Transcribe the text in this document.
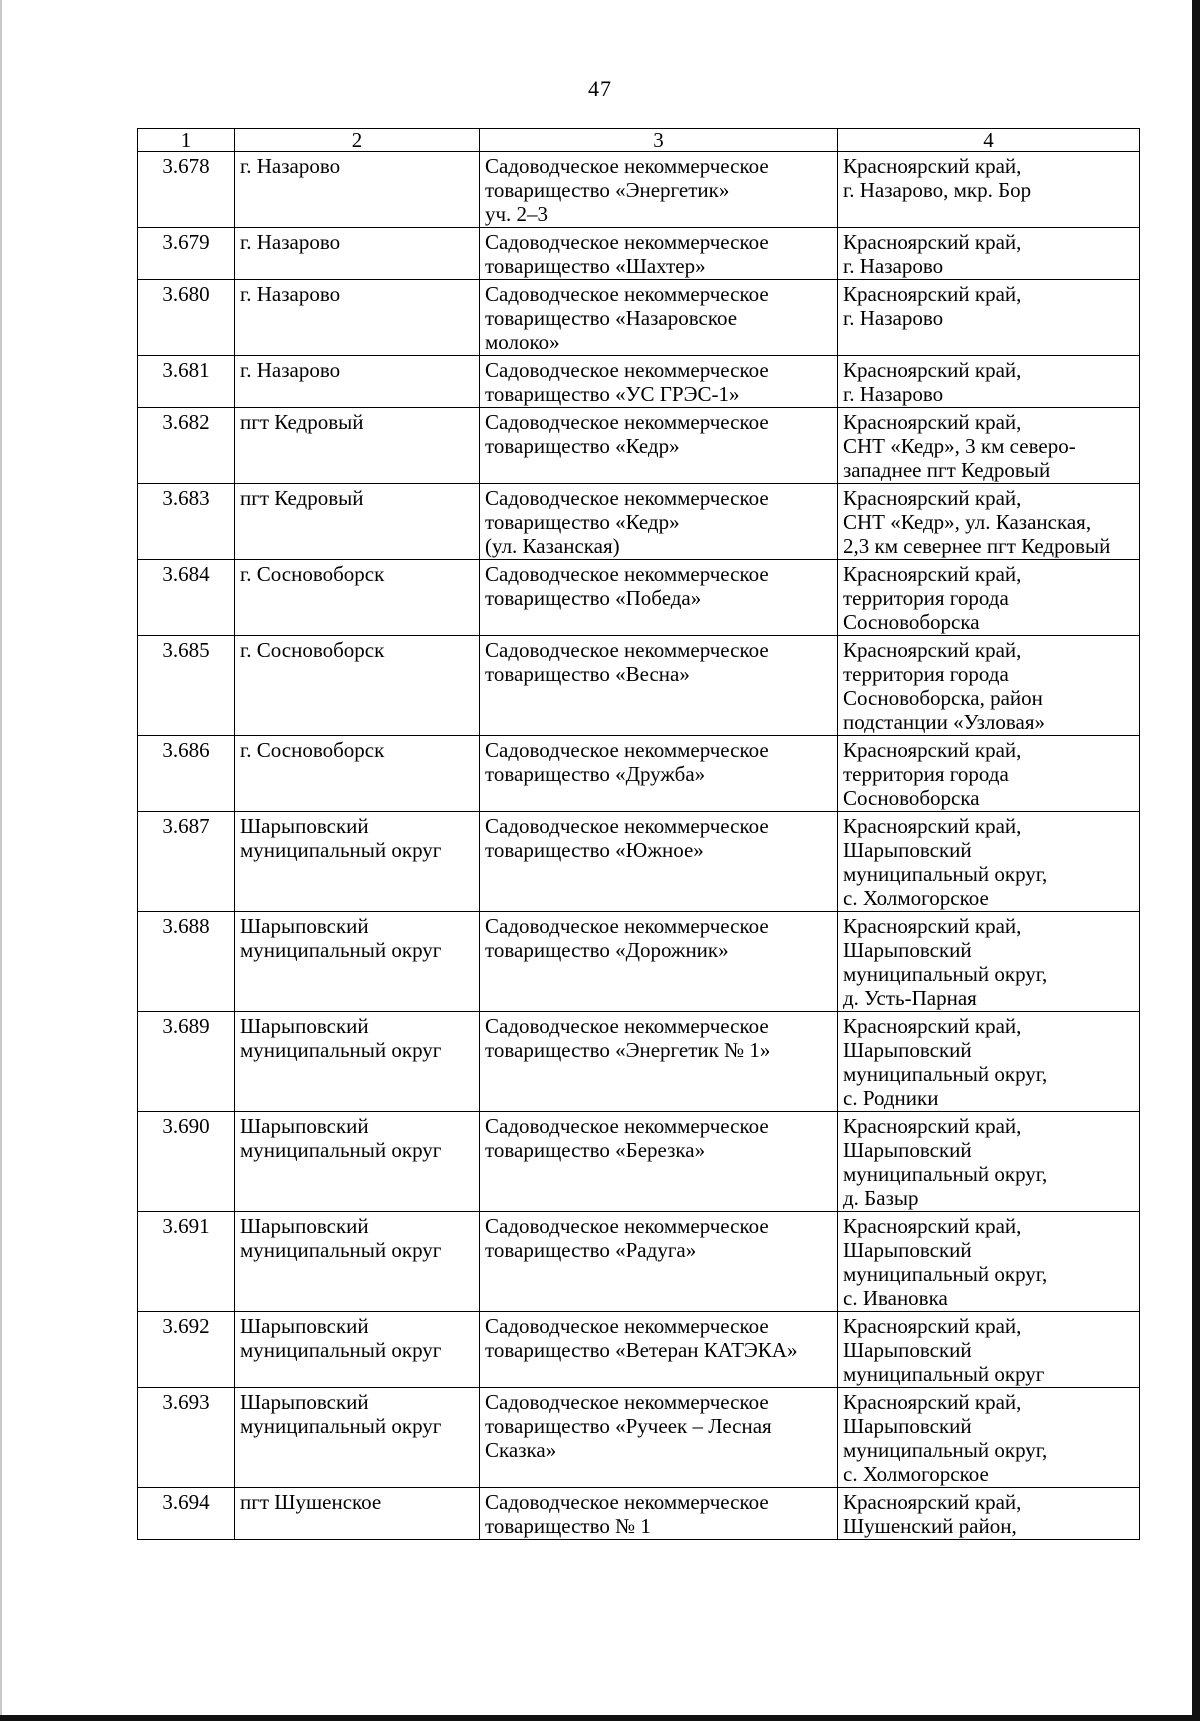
47
1	2	3	4
3.678	г. Назарово	Садоводческое некоммерческое
товарищество «Энергетик»
уч. 2–3	Красноярский край,
г. Назарово, мкр. Бор
3.679	г. Назарово	Садоводческое некоммерческое
товарищество «Шахтер»	Красноярский край,
г. Назарово
3.680	г. Назарово	Садоводческое некоммерческое
товарищество «Назаровское
молоко»	Красноярский край,
г. Назарово
3.681	г. Назарово	Садоводческое некоммерческое
товарищество «УС ГРЭС-1»	Красноярский край,
г. Назарово
3.682	пгт Кедровый	Садоводческое некоммерческое
товарищество «Кедр»	Красноярский край,
СНТ «Кедр», 3 км северо-
западнее пгт Кедровый
3.683	пгт Кедровый	Садоводческое некоммерческое
товарищество «Кедр»
(ул. Казанская)	Красноярский край,
СНТ «Кедр», ул. Казанская,
2,3 км севернее пгт Кедровый
3.684	г. Сосновоборск	Садоводческое некоммерческое
товарищество «Победа»	Красноярский край,
территория города
Сосновоборска
3.685	г. Сосновоборск	Садоводческое некоммерческое
товарищество «Весна»	Красноярский край,
территория города
Сосновоборска, район
подстанции «Узловая»
3.686	г. Сосновоборск	Садоводческое некоммерческое
товарищество «Дружба»	Красноярский край,
территория города
Сосновоборска
3.687	Шарыповский
муниципальный округ	Садоводческое некоммерческое
товарищество «Южное»	Красноярский край,
Шарыповский
муниципальный округ,
с. Холмогорское
3.688	Шарыповский
муниципальный округ	Садоводческое некоммерческое
товарищество «Дорожник»	Красноярский край,
Шарыповский
муниципальный округ,
д. Усть-Парная
3.689	Шарыповский
муниципальный округ	Садоводческое некоммерческое
товарищество «Энергетик № 1»	Красноярский край,
Шарыповский
муниципальный округ,
с. Родники
3.690	Шарыповский
муниципальный округ	Садоводческое некоммерческое
товарищество «Березка»	Красноярский край,
Шарыповский
муниципальный округ,
д. Базыр
3.691	Шарыповский
муниципальный округ	Садоводческое некоммерческое
товарищество «Радуга»	Красноярский край,
Шарыповский
муниципальный округ,
с. Ивановка
3.692	Шарыповский
муниципальный округ	Садоводческое некоммерческое
товарищество «Ветеран КАТЭКА»	Красноярский край,
Шарыповский
муниципальный округ
3.693	Шарыповский
муниципальный округ	Садоводческое некоммерческое
товарищество «Ручеек – Лесная
Сказка»	Красноярский край,
Шарыповский
муниципальный округ,
с. Холмогорское
3.694	пгт Шушенское	Садоводческое некоммерческое
товарищество № 1	Красноярский край,
Шушенский район,
